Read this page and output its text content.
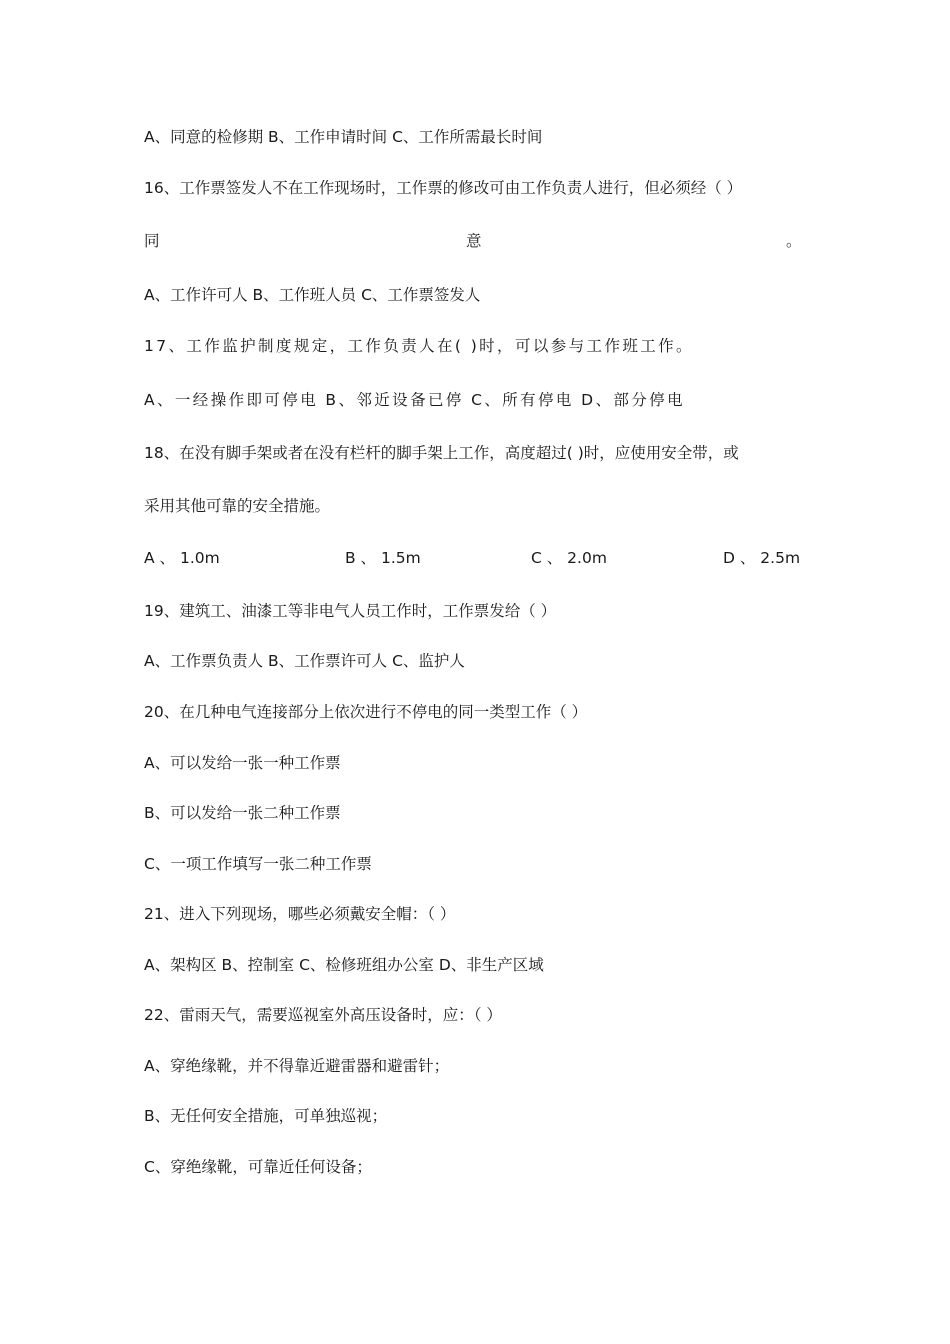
A、同意的检修期 B、工作申请时间 C、工作所需最长时间
16、工作票签发人不在工作现场时，工作票的修改可由工作负责人进行，但必须经（ ）
同	意	。
A、工作许可人 B、工作班人员 C、工作票签发人
17、工作监护制度规定，工作负责人在( )时，可以参与工作班工作。
A、一经操作即可停电 B、邻近设备已停 C、所有停电 D、部分停电
18、在没有脚手架或者在没有栏杆的脚手架上工作，高度超过( )时，应使用安全带，或
采用其他可靠的安全措施。
A 、 1.0m	B 、 1.5m	C 、 2.0m	D 、 2.5m
19、建筑工、油漆工等非电气人员工作时，工作票发给（ ）
A、工作票负责人 B、工作票许可人 C、监护人
20、在几种电气连接部分上依次进行不停电的同一类型工作（ ）
A、可以发给一张一种工作票
B、可以发给一张二种工作票
C、一项工作填写一张二种工作票
21、进入下列现场，哪些必须戴安全帽：（ ）
A、架构区 B、控制室 C、检修班组办公室 D、非生产区域
22、雷雨天气，需要巡视室外高压设备时，应：（ ）
A、穿绝缘靴，并不得靠近避雷器和避雷针；
B、无任何安全措施，可单独巡视；
C、穿绝缘靴，可靠近任何设备；
